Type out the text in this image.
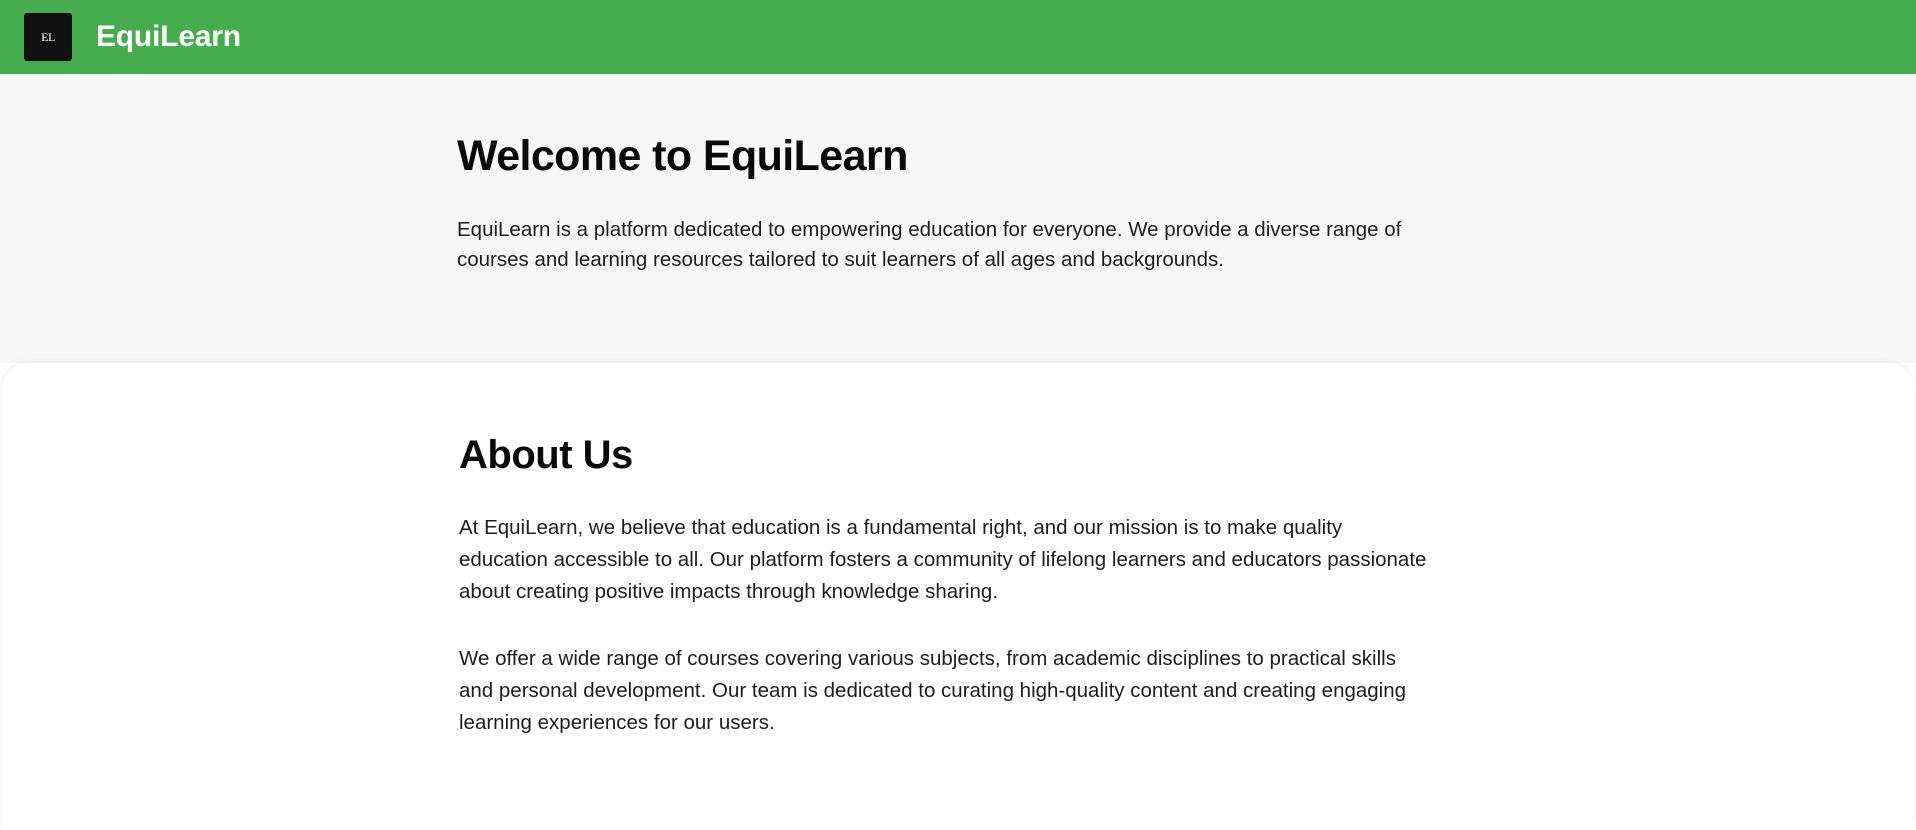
EL EquiLearn
Welcome to EquiLearn

EquiLearn is a platform dedicated to empowering education for everyone. We provide a diverse range of courses and learning resources tailored to suit learners of all ages and backgrounds.

About Us

At EquiLearn, we believe that education is a fundamental right, and our mission is to make quality education accessible to all. Our platform fosters a community of lifelong learners and educators passionate about creating positive impacts through knowledge sharing.

We offer a wide range of courses covering various subjects, from academic disciplines to practical skills and personal development. Our team is dedicated to curating high-quality content and creating engaging learning experiences for our users.
